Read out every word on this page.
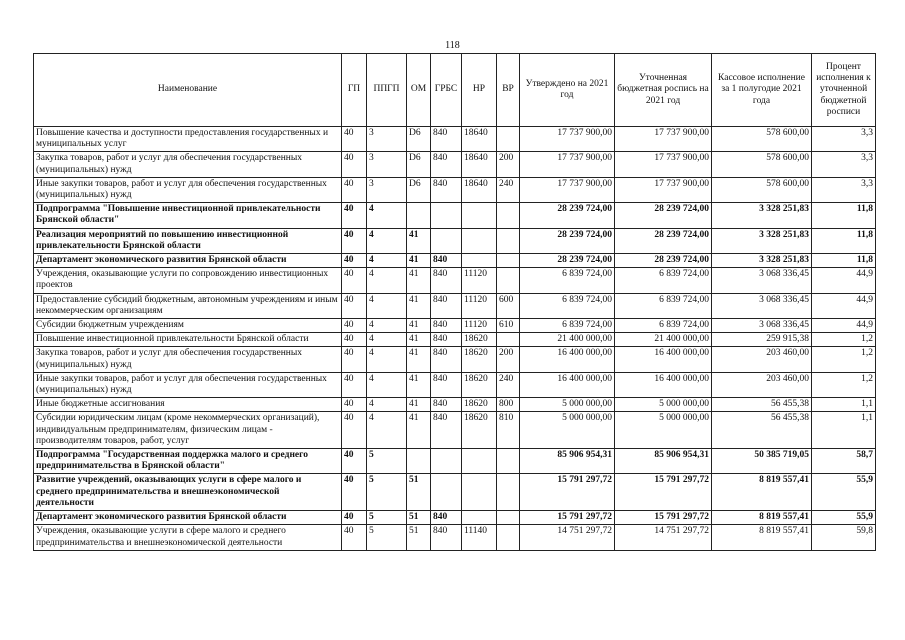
118
Наименование	ГП	ППГП	ОМ	ГРБС	НР	ВР	Утверждено на 2021 год	Уточненная бюджетная роспись на 2021 год	Кассовое исполнение за 1 полугодие 2021 года	Процент исполнения к уточненной бюджетной росписи
Повышение качества и доступности предоставления государственных и муниципальных услуг	40	3	D6	840	18640		17 737 900,00	17 737 900,00	578 600,00	3,3
Закупка товаров, работ и услуг для обеспечения государственных (муниципальных) нужд	40	3	D6	840	18640	200	17 737 900,00	17 737 900,00	578 600,00	3,3
Иные закупки товаров, работ и услуг для обеспечения государственных (муниципальных) нужд	40	3	D6	840	18640	240	17 737 900,00	17 737 900,00	578 600,00	3,3
Подпрограмма "Повышение инвестиционной привлекательности Брянской области"	40	4					28 239 724,00	28 239 724,00	3 328 251,83	11,8
Реализация мероприятий по повышению инвестиционной привлекательности Брянской области	40	4	41				28 239 724,00	28 239 724,00	3 328 251,83	11,8
Департамент экономического развития Брянской области	40	4	41	840			28 239 724,00	28 239 724,00	3 328 251,83	11,8
Учреждения, оказывающие услуги по сопровождению инвестиционных проектов	40	4	41	840	11120		6 839 724,00	6 839 724,00	3 068 336,45	44,9
Предоставление субсидий бюджетным, автономным учреждениям и иным некоммерческим организациям	40	4	41	840	11120	600	6 839 724,00	6 839 724,00	3 068 336,45	44,9
Субсидии бюджетным учреждениям	40	4	41	840	11120	610	6 839 724,00	6 839 724,00	3 068 336,45	44,9
Повышение инвестиционной привлекательности Брянской области	40	4	41	840	18620		21 400 000,00	21 400 000,00	259 915,38	1,2
Закупка товаров, работ и услуг для обеспечения государственных (муниципальных) нужд	40	4	41	840	18620	200	16 400 000,00	16 400 000,00	203 460,00	1,2
Иные закупки товаров, работ и услуг для обеспечения государственных (муниципальных) нужд	40	4	41	840	18620	240	16 400 000,00	16 400 000,00	203 460,00	1,2
Иные бюджетные ассигнования	40	4	41	840	18620	800	5 000 000,00	5 000 000,00	56 455,38	1,1
Субсидии юридическим лицам (кроме некоммерческих организаций), индивидуальным предпринимателям, физическим лицам - производителям товаров, работ, услуг	40	4	41	840	18620	810	5 000 000,00	5 000 000,00	56 455,38	1,1
Подпрограмма "Государственная поддержка малого и среднего предпринимательства в Брянской области"	40	5					85 906 954,31	85 906 954,31	50 385 719,05	58,7
Развитие учреждений, оказывающих услуги в сфере малого и среднего предпринимательства и внешнеэкономической деятельности	40	5	51				15 791 297,72	15 791 297,72	8 819 557,41	55,9
Департамент экономического развития Брянской области	40	5	51	840			15 791 297,72	15 791 297,72	8 819 557,41	55,9
Учреждения, оказывающие услуги в сфере малого и среднего предпринимательства и внешнеэкономической деятельности	40	5	51	840	11140		14 751 297,72	14 751 297,72	8 819 557,41	59,8
